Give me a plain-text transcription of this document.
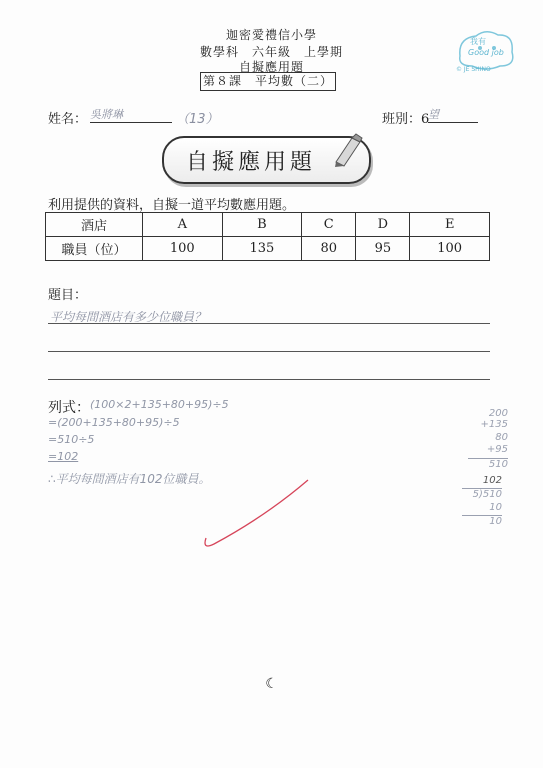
迦密愛禮信小學
數學科　六年級　上學期
自擬應用題
第８課　平均數（二）
我有
Good job
© JE SHINO
姓名： 吳將琳	（13）	班別：6
望
自擬應用題
利用提供的資料，自擬一道平均數應用題。
酒店	A	B	C	D	E
職員（位）	100	135	80	95	100
題目：
平均每間酒店有多少位職員？
列式： (100×2+135+80+95)÷5
=(200+135+80+95)÷5
=510÷5
=102
∴平均每間酒店有102位職員。
200
+135
80
+95
510
102
5)510
10
10
☾
